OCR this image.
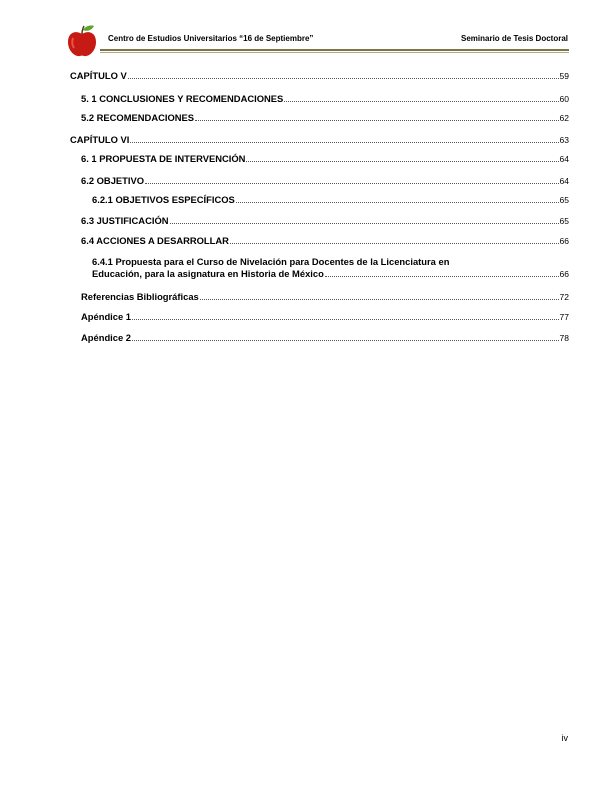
Centro de Estudios Universitarios “16 de Septiembre”	Seminario de Tesis Doctoral
CAPÍTULO V	59
5. 1 CONCLUSIONES Y RECOMENDACIONES	60
5.2 RECOMENDACIONES	62
CAPÍTULO VI	63
6. 1 PROPUESTA DE INTERVENCIÓN	64
6.2 OBJETIVO	64
6.2.1 OBJETIVOS ESPECÍFICOS	65
6.3 JUSTIFICACIÓN	65
6.4 ACCIONES A DESARROLLAR	66
6.4.1 Propuesta para el Curso de Nivelación para Docentes de la Licenciatura en
Educación, para la asignatura en Historia de México	66
Referencias Bibliográficas	72
Apéndice 1	77
Apéndice 2	78
iv
